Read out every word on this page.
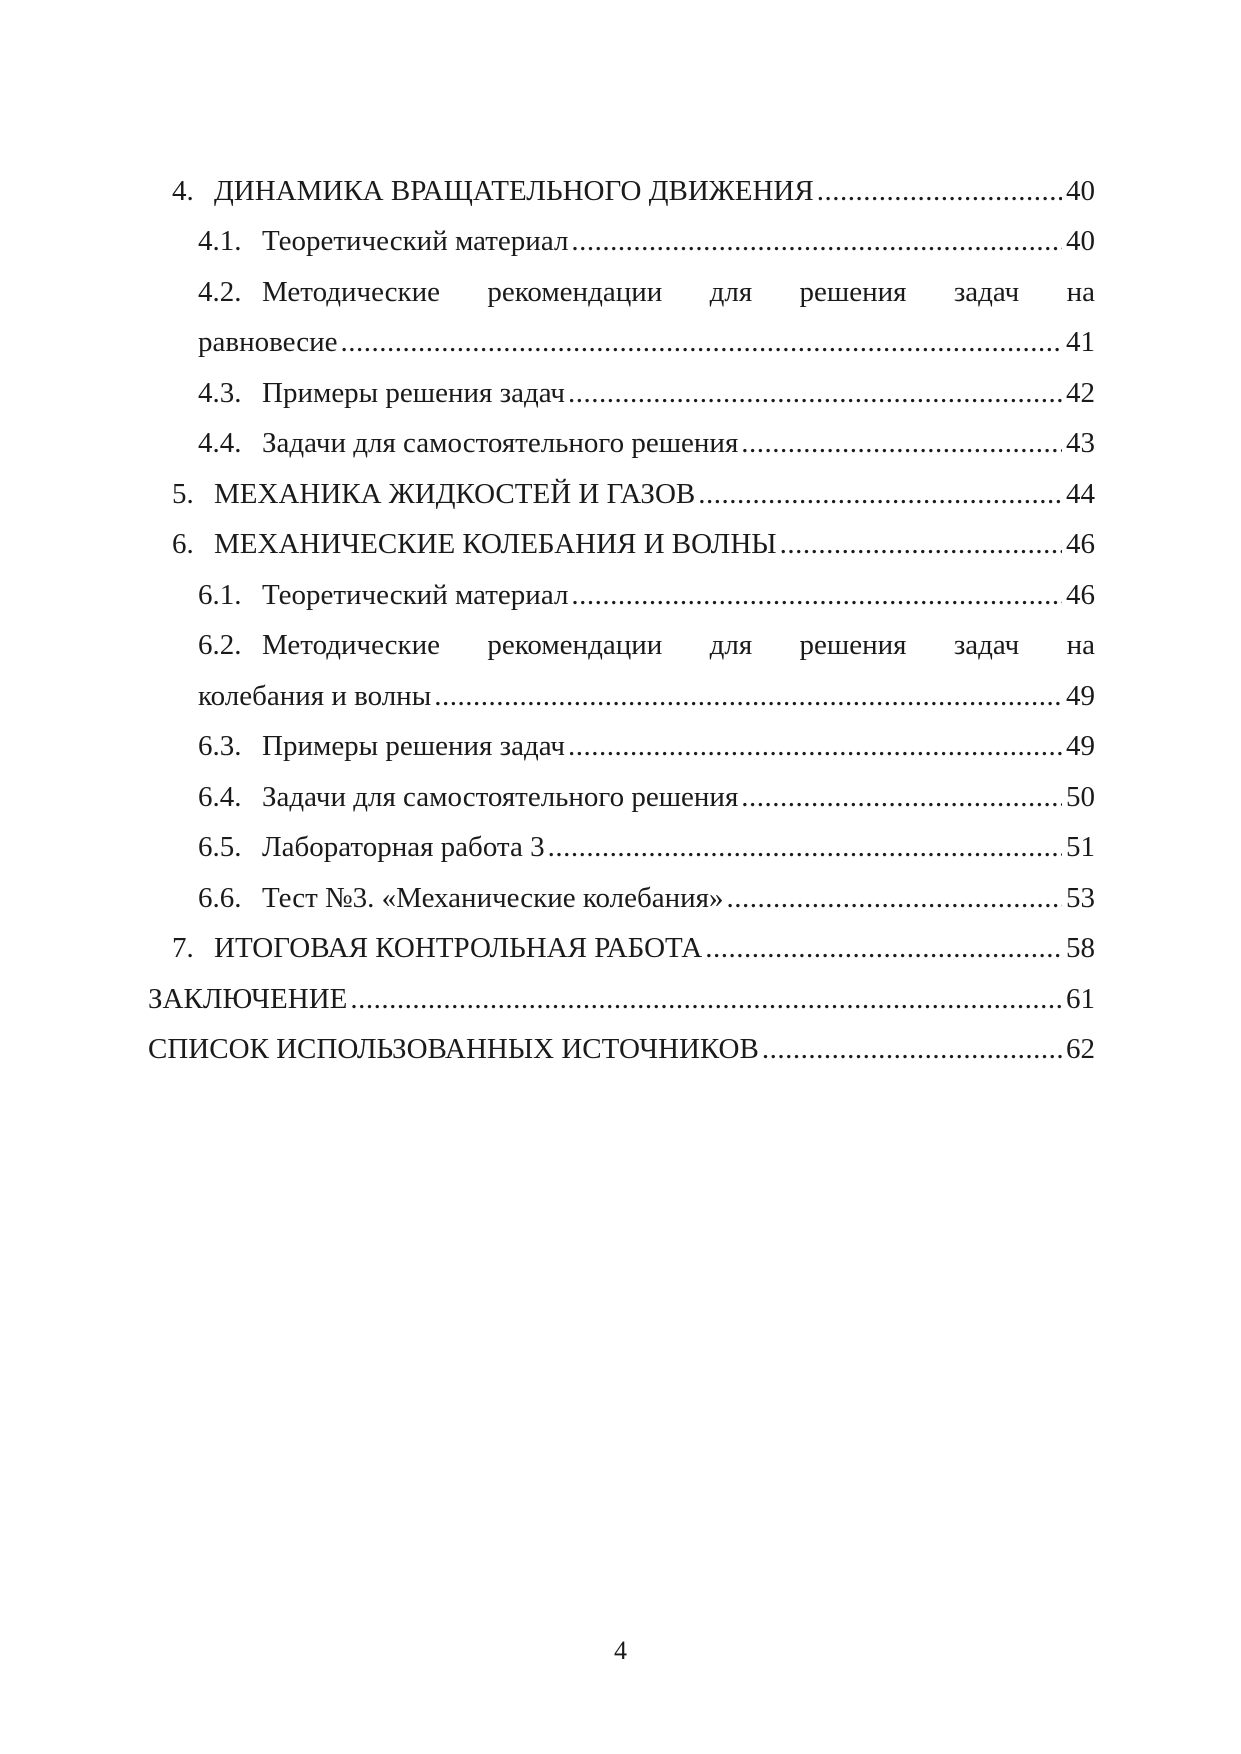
4. ДИНАМИКА ВРАЩАТЕЛЬНОГО ДВИЖЕНИЯ .....	40
4.1. Теоретический материал .....	40
4.2. Методические рекомендации для решения задач на
равновесие .....	41
4.3. Примеры решения задач .....	42
4.4. Задачи для самостоятельного решения .....	43
5. МЕХАНИКА ЖИДКОСТЕЙ И ГАЗОВ .....	44
6. МЕХАНИЧЕСКИЕ КОЛЕБАНИЯ И ВОЛНЫ .....	46
6.1. Теоретический материал .....	46
6.2. Методические рекомендации для решения задач на
колебания и волны .....	49
6.3. Примеры решения задач .....	49
6.4. Задачи для самостоятельного решения .....	50
6.5. Лабораторная работа 3 .....	51
6.6. Тест №3. «Механические колебания» .....	53
7. ИТОГОВАЯ КОНТРОЛЬНАЯ РАБОТА .....	58
ЗАКЛЮЧЕНИЕ .....	61
СПИСОК ИСПОЛЬЗОВАННЫХ ИСТОЧНИКОВ .....	62
4
